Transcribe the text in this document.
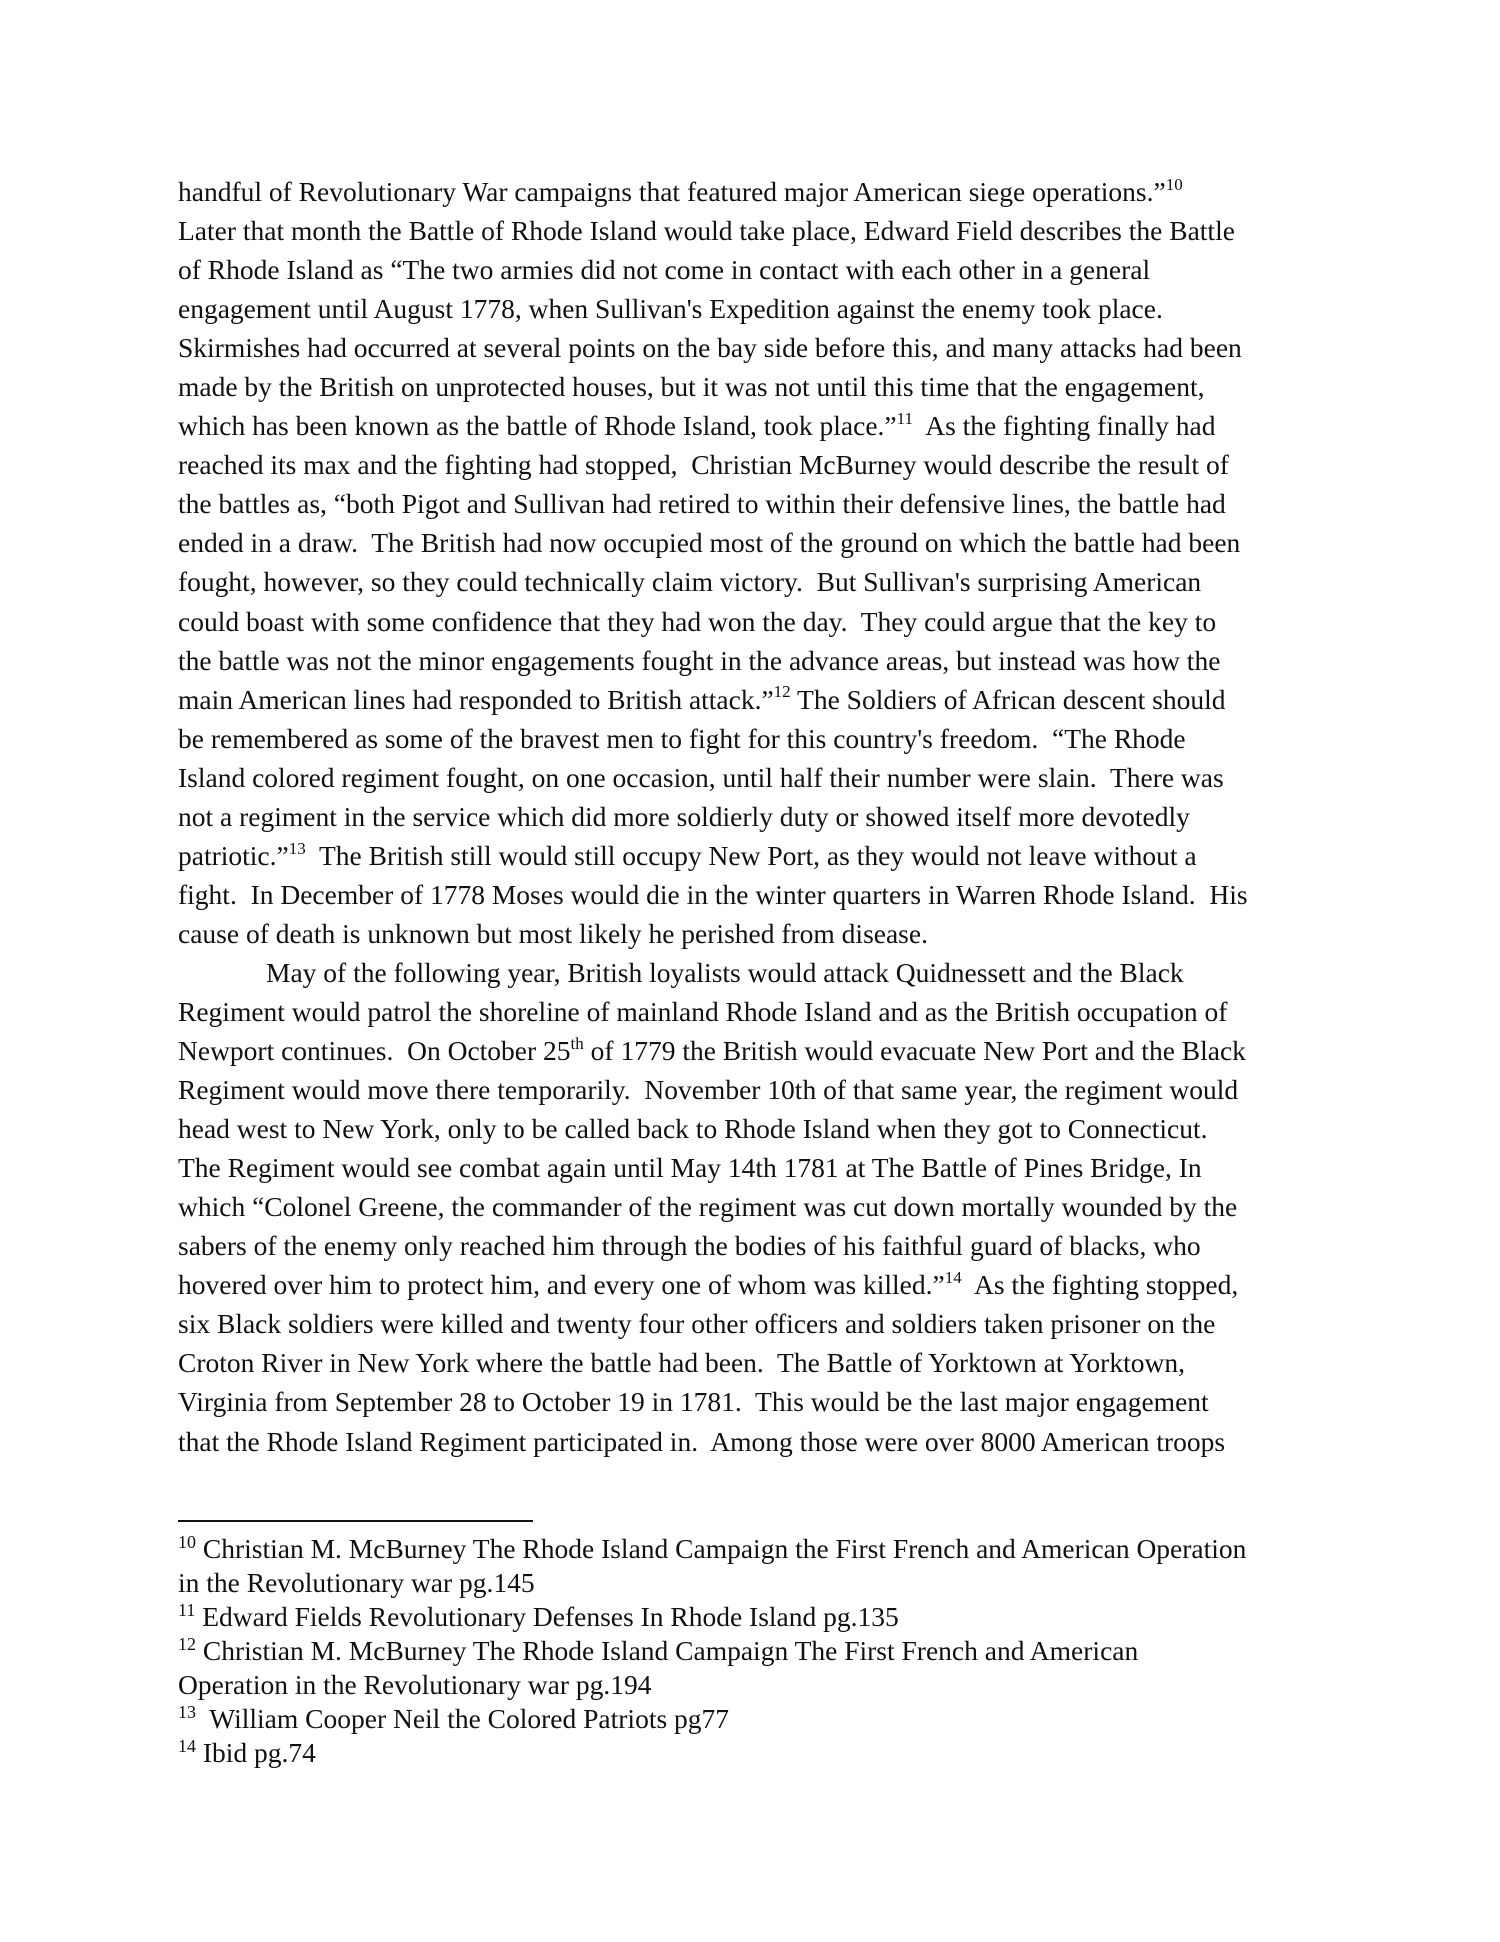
handful of Revolutionary War campaigns that featured major American siege operations.”$^{10}$
Later that month the Battle of Rhode Island would take place, Edward Field describes the Battle
of Rhode Island as “The two armies did not come in contact with each other in a general
engagement until August 1778, when Sullivan's Expedition against the enemy took place.
Skirmishes had occurred at several points on the bay side before this, and many attacks had been
made by the British on unprotected houses, but it was not until this time that the engagement,
which has been known as the battle of Rhode Island, took place.”$^{11}$  As the fighting finally had
reached its max and the fighting had stopped,  Christian McBurney would describe the result of
the battles as, “both Pigot and Sullivan had retired to within their defensive lines, the battle had
ended in a draw.  The British had now occupied most of the ground on which the battle had been
fought, however, so they could technically claim victory.  But Sullivan's surprising American
could boast with some confidence that they had won the day.  They could argue that the key to
the battle was not the minor engagements fought in the advance areas, but instead was how the
main American lines had responded to British attack.”$^{12}$ The Soldiers of African descent should
be remembered as some of the bravest men to fight for this country's freedom.  “The Rhode
Island colored regiment fought, on one occasion, until half their number were slain.  There was
not a regiment in the service which did more soldierly duty or showed itself more devotedly
patriotic.”$^{13}$  The British still would still occupy New Port, as they would not leave without a
fight.  In December of 1778 Moses would die in the winter quarters in Warren Rhode Island.  His
cause of death is unknown but most likely he perished from disease.
May of the following year, British loyalists would attack Quidnessett and the Black
Regiment would patrol the shoreline of mainland Rhode Island and as the British occupation of
Newport continues.  On October 25th of 1779 the British would evacuate New Port and the Black
Regiment would move there temporarily.  November 10th of that same year, the regiment would
head west to New York, only to be called back to Rhode Island when they got to Connecticut.
The Regiment would see combat again until May 14th 1781 at The Battle of Pines Bridge, In
which “Colonel Greene, the commander of the regiment was cut down mortally wounded by the
sabers of the enemy only reached him through the bodies of his faithful guard of blacks, who
hovered over him to protect him, and every one of whom was killed.”$^{14}$  As the fighting stopped,
six Black soldiers were killed and twenty four other officers and soldiers taken prisoner on the
Croton River in New York where the battle had been.  The Battle of Yorktown at Yorktown,
Virginia from September 28 to October 19 in 1781.  This would be the last major engagement
that the Rhode Island Regiment participated in.  Among those were over 8000 American troops
$^{10}$ Christian M. McBurney The Rhode Island Campaign the First French and American Operation
in the Revolutionary war pg.145
$^{11}$ Edward Fields Revolutionary Defenses In Rhode Island pg.135
$^{12}$ Christian M. McBurney The Rhode Island Campaign The First French and American
Operation in the Revolutionary war pg.194
$^{13}$  William Cooper Neil the Colored Patriots pg77
$^{14}$ Ibid pg.74
